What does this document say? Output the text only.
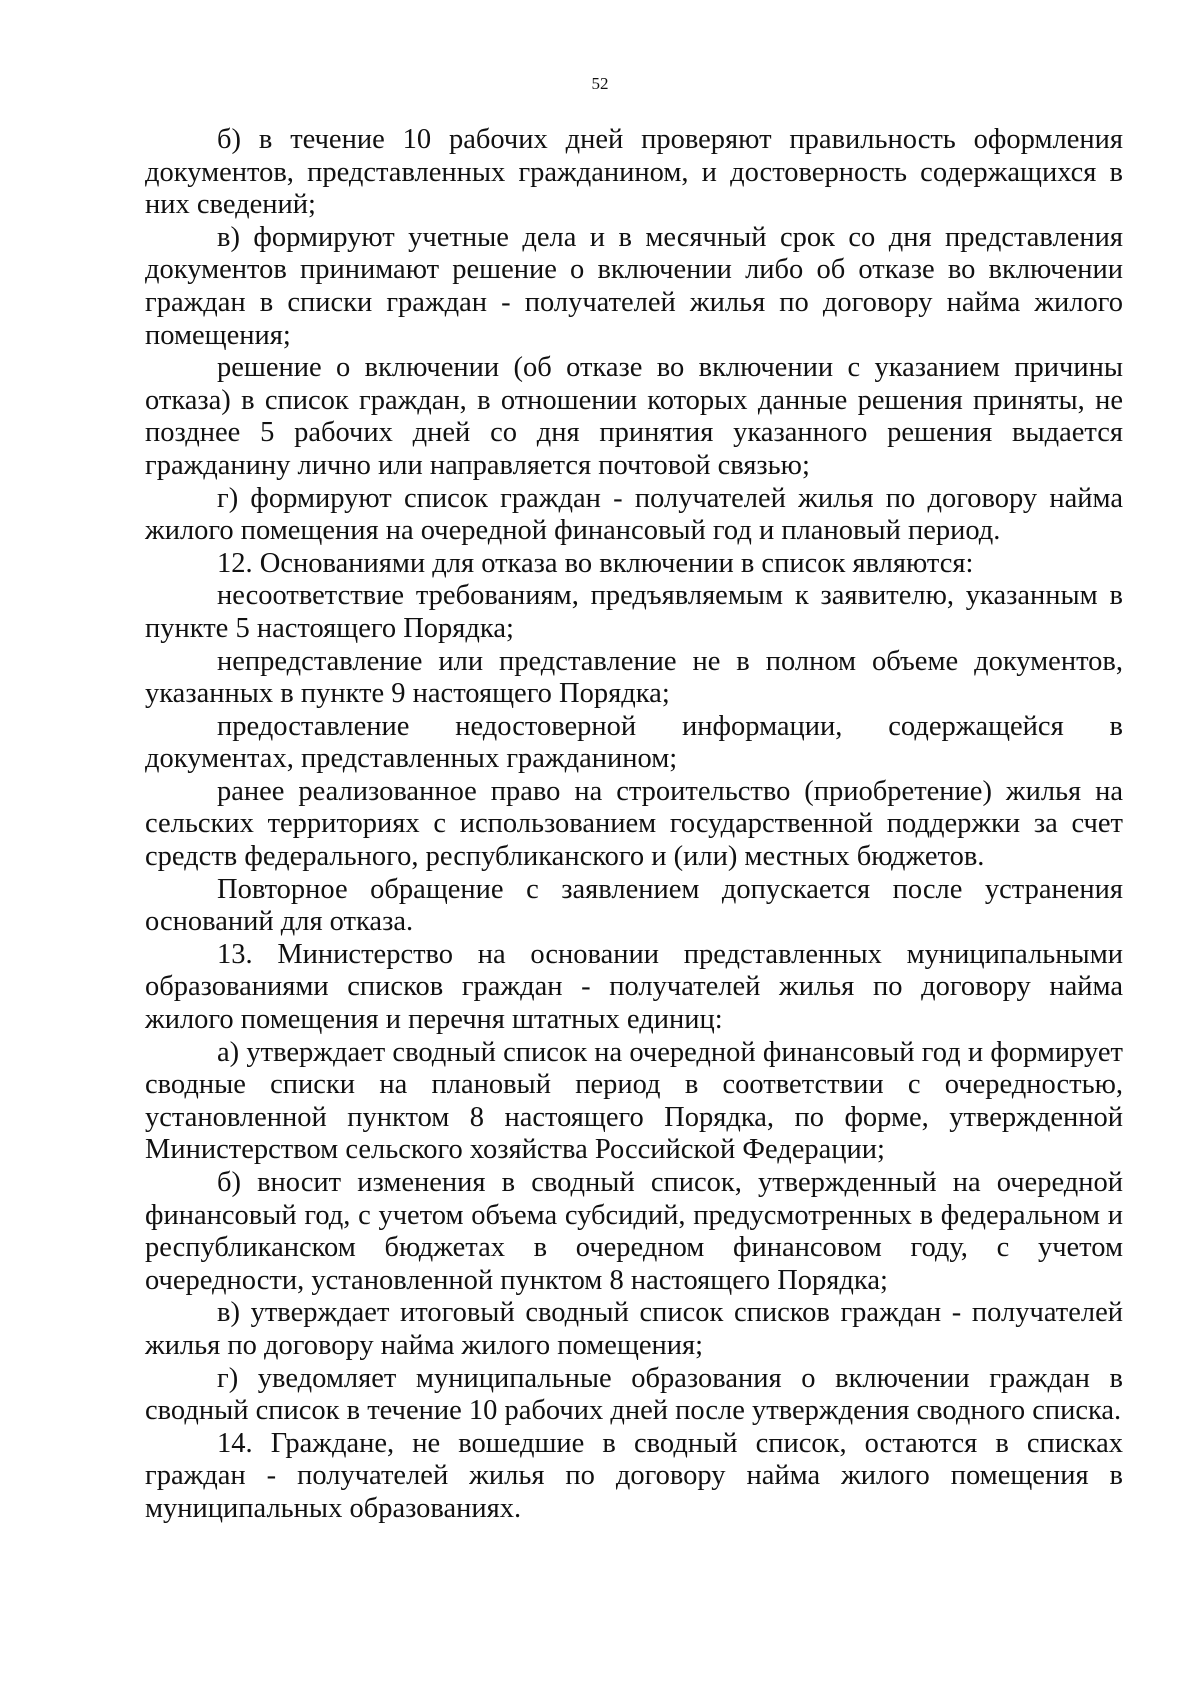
52

б) в течение 10 рабочих дней проверяют правильность оформления документов, представленных гражданином, и достоверность содержащихся в них сведений;

в) формируют учетные дела и в месячный срок со дня представления документов принимают решение о включении либо об отказе во включении граждан в списки граждан - получателей жилья по договору найма жилого помещения;

решение о включении (об отказе во включении с указанием причины отказа) в список граждан, в отношении которых данные решения приняты, не позднее 5 рабочих дней со дня принятия указанного решения выдается гражданину лично или направляется почтовой связью;

г) формируют список граждан - получателей жилья по договору найма жилого помещения на очередной финансовый год и плановый период.

12. Основаниями для отказа во включении в список являются:

несоответствие требованиям, предъявляемым к заявителю, указанным в пункте 5 настоящего Порядка;

непредставление или представление не в полном объеме документов, указанных в пункте 9 настоящего Порядка;

предоставление недостоверной информации, содержащейся в документах, представленных гражданином;

ранее реализованное право на строительство (приобретение) жилья на сельских территориях с использованием государственной поддержки за счет средств федерального, республиканского и (или) местных бюджетов.

Повторное обращение с заявлением допускается после устранения оснований для отказа.

13. Министерство на основании представленных муниципальными образованиями списков граждан - получателей жилья по договору найма жилого помещения и перечня штатных единиц:

а) утверждает сводный список на очередной финансовый год и формирует сводные списки на плановый период в соответствии с очередностью, установленной пунктом 8 настоящего Порядка, по форме, утвержденной Министерством сельского хозяйства Российской Федерации;

б) вносит изменения в сводный список, утвержденный на очередной финансовый год, с учетом объема субсидий, предусмотренных в федеральном и республиканском бюджетах в очередном финансовом году, с учетом очередности, установленной пунктом 8 настоящего Порядка;

в) утверждает итоговый сводный список списков граждан - получателей жилья по договору найма жилого помещения;

г) уведомляет муниципальные образования о включении граждан в сводный список в течение 10 рабочих дней после утверждения сводного списка.

14. Граждане, не вошедшие в сводный список, остаются в списках граждан - получателей жилья по договору найма жилого помещения в муниципальных образованиях.
